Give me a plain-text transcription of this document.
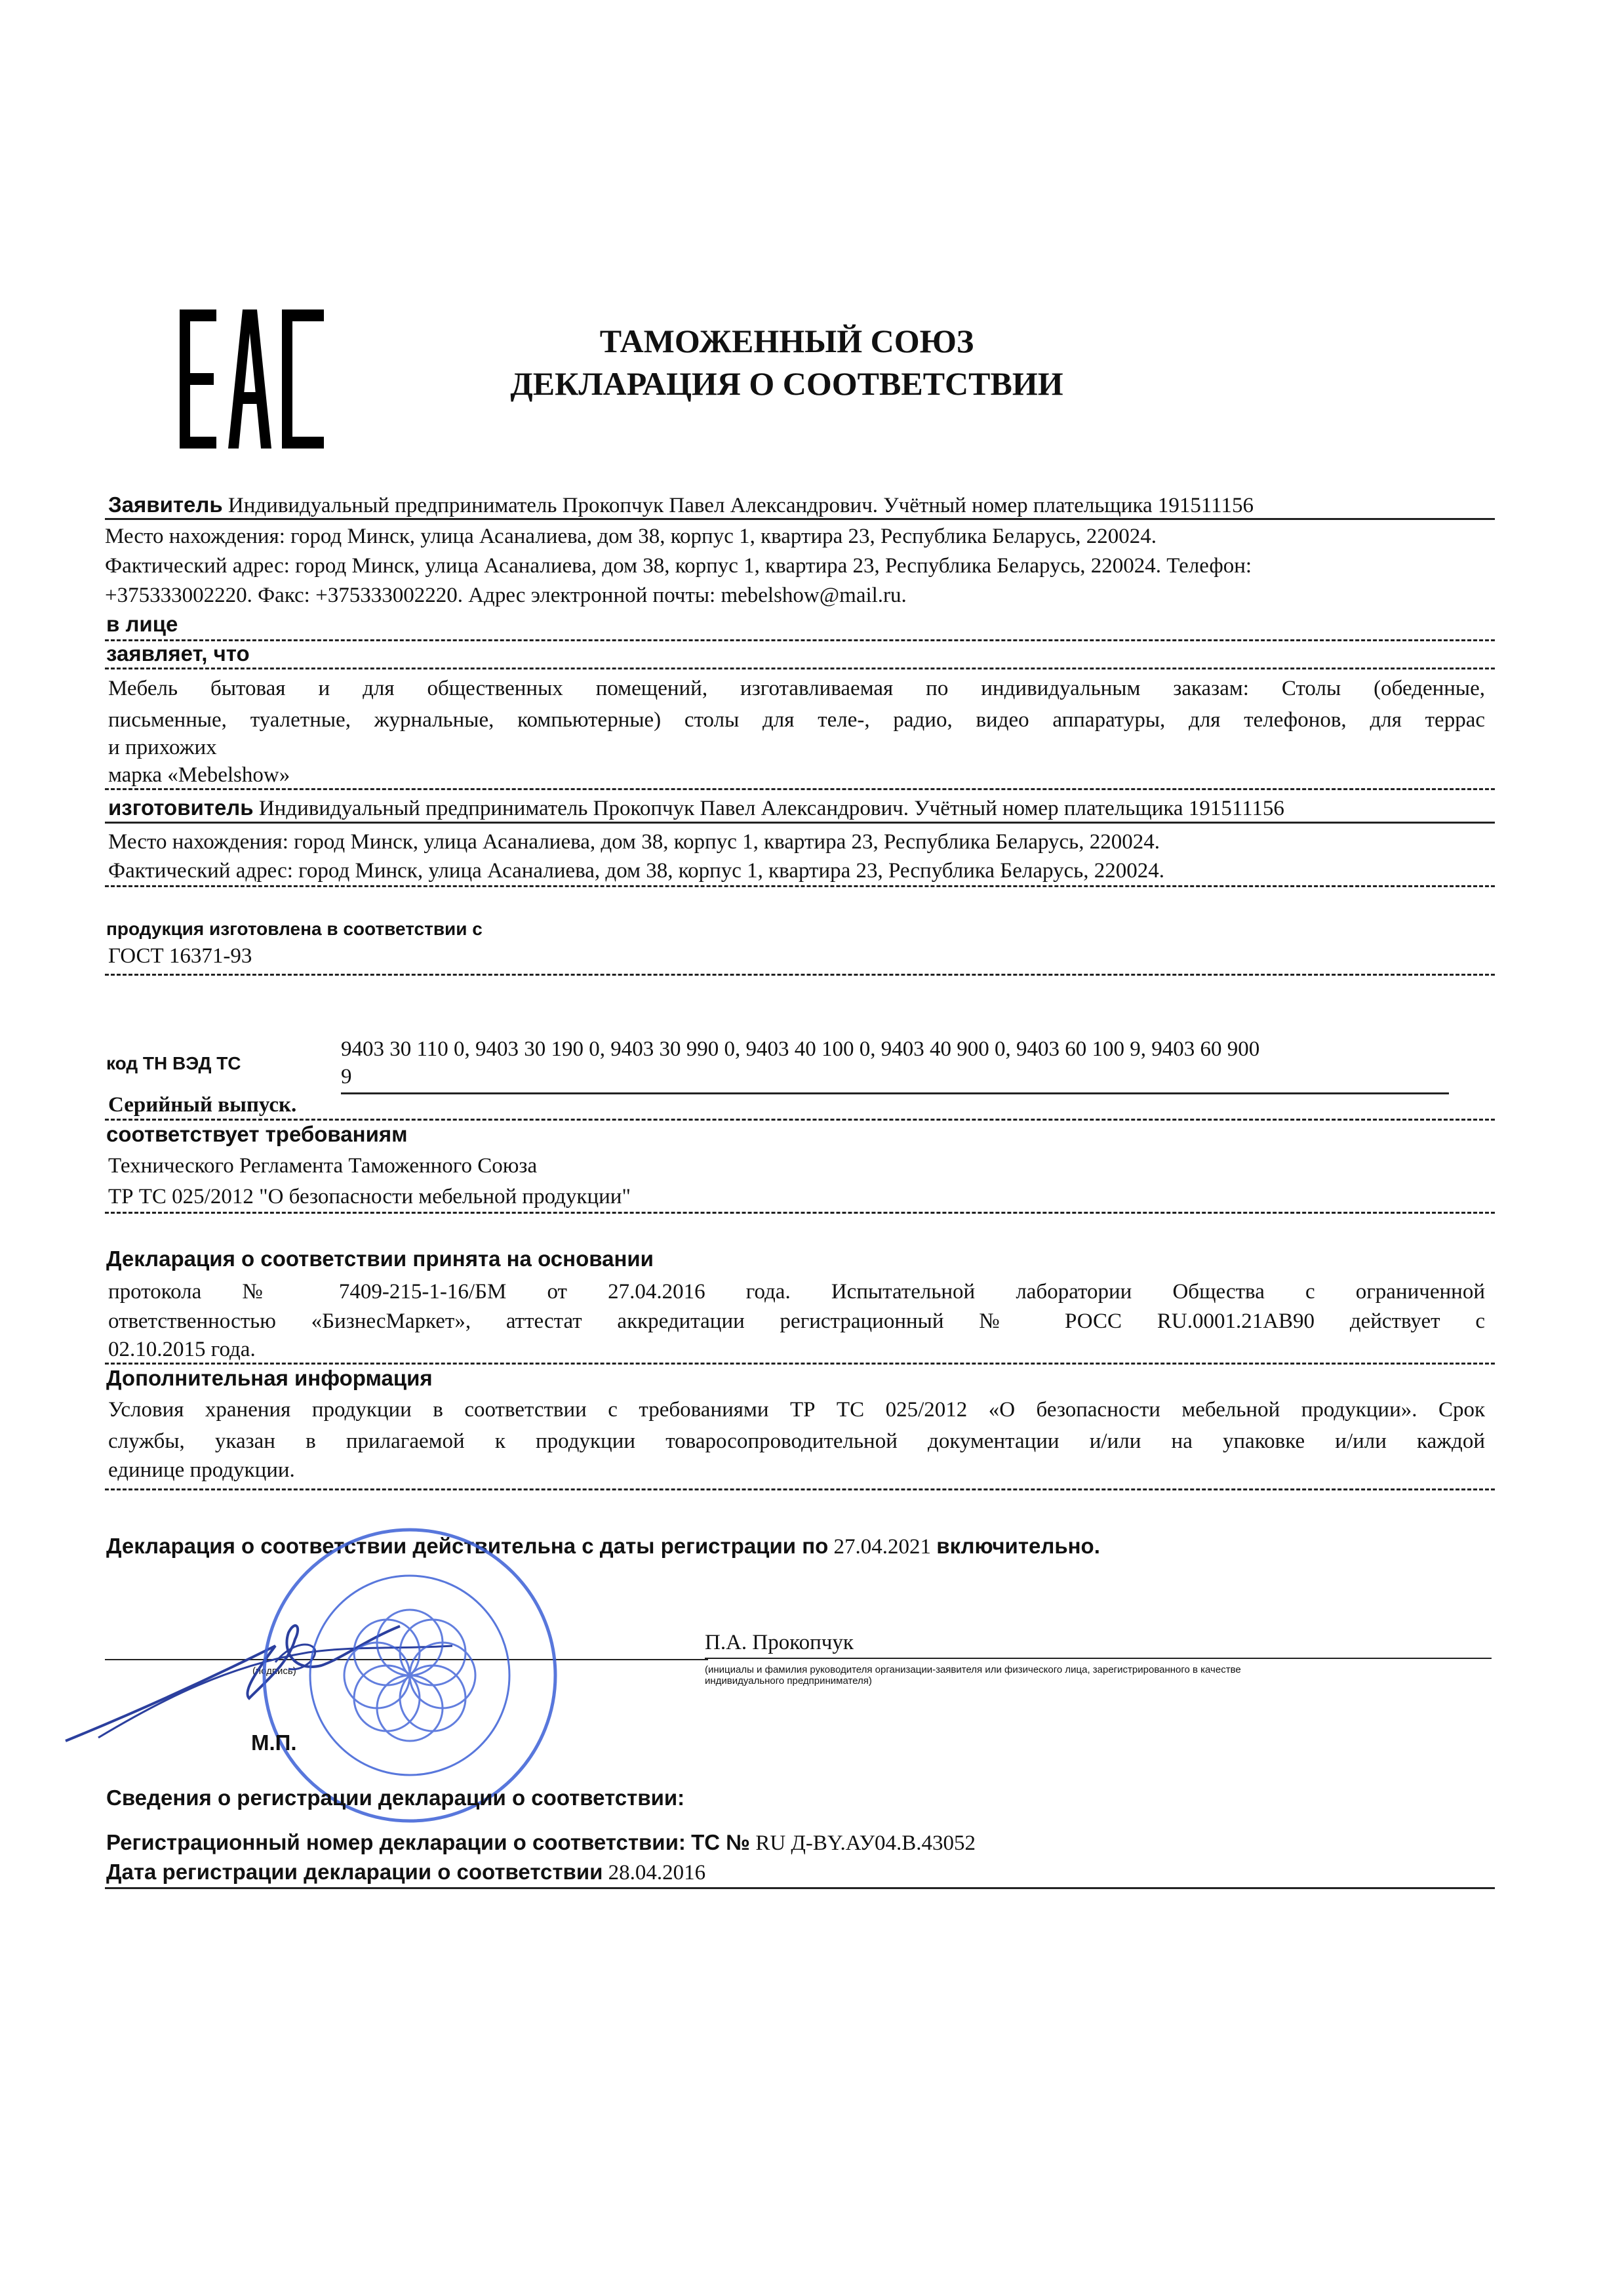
ТАМОЖЕННЫЙ СОЮЗ
ДЕКЛАРАЦИЯ О СООТВЕТСТВИИ
Заявитель Индивидуальный предприниматель Прокопчук Павел Александрович. Учётный номер плательщика 191511156
Место нахождения: город Минск, улица Асаналиева, дом 38, корпус 1, квартира 23, Республика Беларусь, 220024.
Фактический адрес: город Минск, улица Асаналиева, дом 38, корпус 1, квартира 23, Республика Беларусь, 220024. Телефон:
+375333002220. Факс: +375333002220. Адрес электронной почты: mebelshow@mail.ru.
в лице
заявляет, что
Мебель бытовая и для общественных помещений, изготавливаемая по индивидуальным заказам: Столы (обеденные,
письменные, туалетные, журнальные, компьютерные) столы для теле-, радио, видео аппаратуры, для телефонов, для террас
и прихожих
марка «Mebelshow»
изготовитель Индивидуальный предприниматель Прокопчук Павел Александрович. Учётный номер плательщика 191511156
Место нахождения: город Минск, улица Асаналиева, дом 38, корпус 1, квартира 23, Республика Беларусь, 220024.
Фактический адрес: город Минск, улица Асаналиева, дом 38, корпус 1, квартира 23, Республика Беларусь, 220024.
продукция изготовлена в соответствии с
ГОСТ 16371-93
код ТН ВЭД ТС
9403 30 110 0, 9403 30 190 0, 9403 30 990 0, 9403 40 100 0, 9403 40 900 0, 9403 60 100 9, 9403 60 900
9
Серийный выпуск.
соответствует требованиям
Технического Регламента Таможенного Союза
ТР ТС 025/2012 "О безопасности мебельной продукции"
Декларация о соответствии принята на основании
протокола № 7409-215-1-16/БМ от 27.04.2016 года. Испытательной лаборатории Общества с ограниченной
ответственностью «БизнесМаркет», аттестат аккредитации регистрационный № РОСС RU.0001.21АВ90 действует с
02.10.2015 года.
Дополнительная информация
Условия хранения продукции в соответствии с требованиями ТР ТС 025/2012 «О безопасности мебельной продукции». Срок
службы, указан в прилагаемой к продукции товаросопроводительной документации и/или на упаковке и/или каждой
единице продукции.
Декларация о соответствии действительна с даты регистрации по 27.04.2021 включительно.
(подпись)
М.П.
П.А. Прокопчук
(инициалы и фамилия руководителя организации-заявителя или физического лица, зарегистрированного в качестве
индивидуального предпринимателя)
Сведения о регистрации декларации о соответствии:
Регистрационный номер декларации о соответствии: ТС № RU Д-BY.АУ04.В.43052
Дата регистрации декларации о соответствии 28.04.2016
